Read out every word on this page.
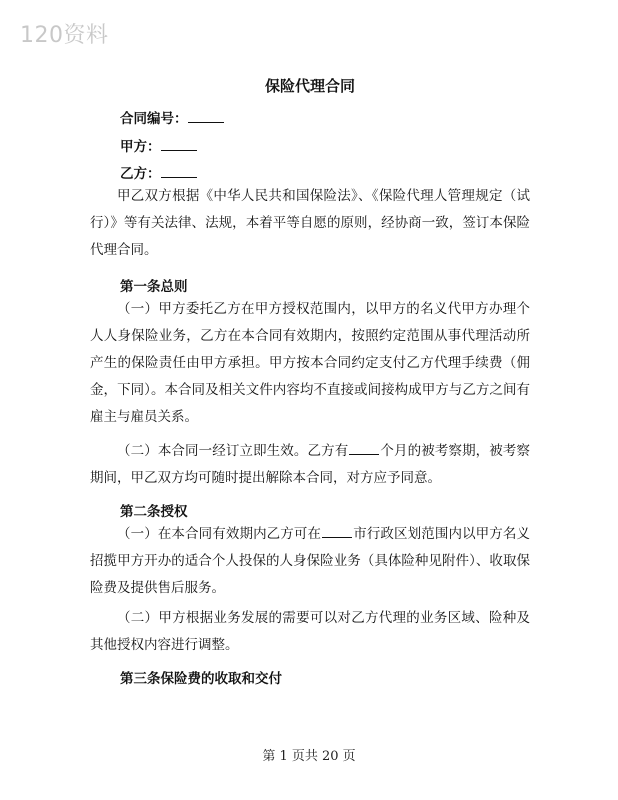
120资料
保险代理合同
合同编号：
甲方：
乙方：

甲乙双方根据《中华人民共和国保险法》、《保险代理人管理规定（试行）》等有关法律、法规，本着平等自愿的原则，经协商一致，签订本保险代理合同。

第一条总则

（一）甲方委托乙方在甲方授权范围内，以甲方的名义代甲方办理个人人身保险业务，乙方在本合同有效期内，按照约定范围从事代理活动所产生的保险责任由甲方承担。甲方按本合同约定支付乙方代理手续费（佣金，下同）。本合同及相关文件内容均不直接或间接构成甲方与乙方之间有雇主与雇员关系。

（二）本合同一经订立即生效。乙方有 个月的被考察期，被考察期间，甲乙双方均可随时提出解除本合同，对方应予同意。

第二条授权

（一）在本合同有效期内乙方可在 市行政区划范围内以甲方名义招揽甲方开办的适合个人投保的人身保险业务（具体险种见附件）、收取保险费及提供售后服务。

（二）甲方根据业务发展的需要可以对乙方代理的业务区域、险种及其他授权内容进行调整。

第三条保险费的收取和交付
第 1 页共 20 页
